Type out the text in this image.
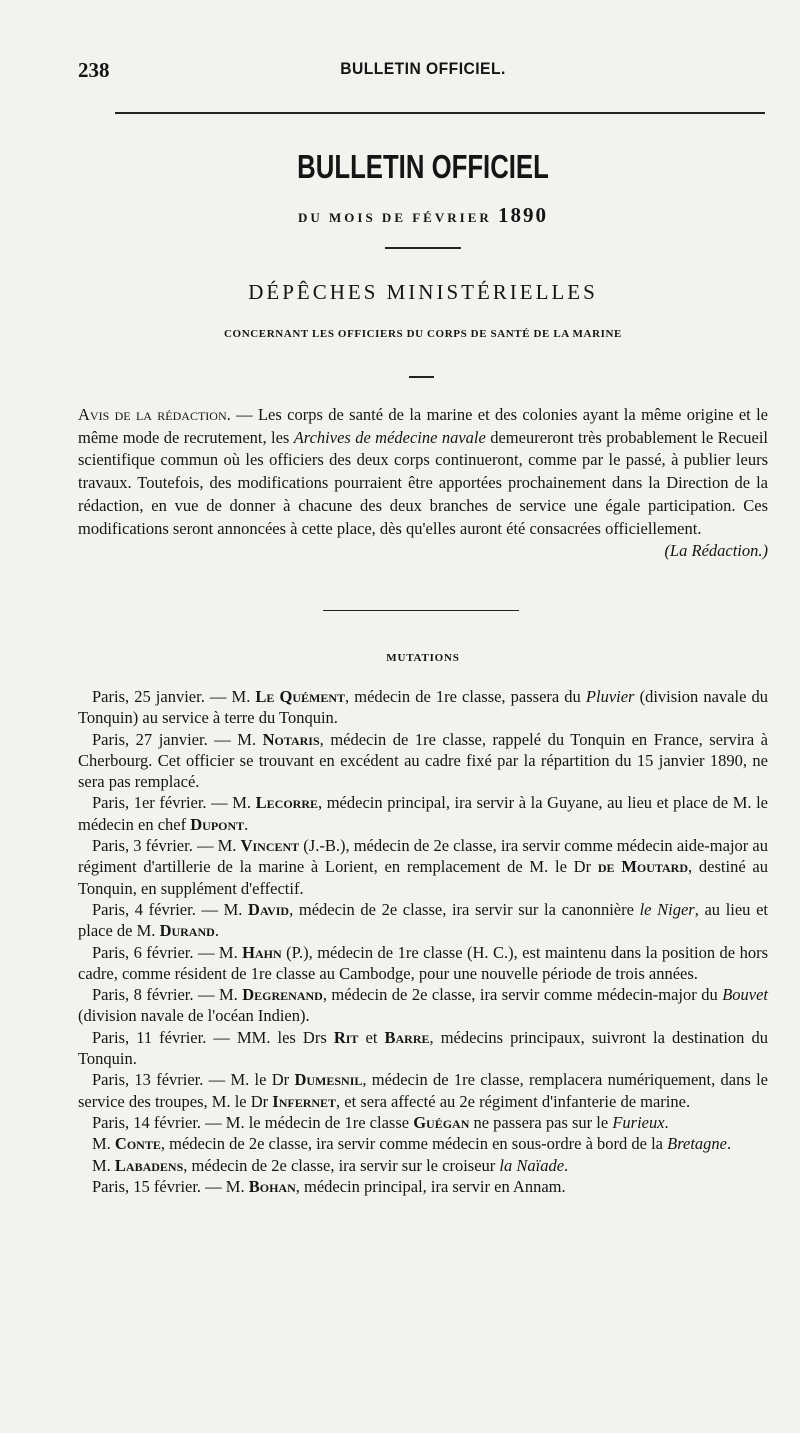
238	BULLETIN OFFICIEL.
BULLETIN OFFICIEL
DU MOIS DE FÉVRIER 1890
DÉPÊCHES MINISTÉRIELLES
CONCERNANT LES OFFICIERS DU CORPS DE SANTÉ DE LA MARINE
Avis de la rédaction. — Les corps de santé de la marine et des colonies ayant la même origine et le même mode de recrutement, les Archives de médecine navale demeureront très probablement le Recueil scientifique commun où les officiers des deux corps continueront, comme par le passé, à publier leurs travaux. Toutefois, des modifications pourraient être apportées prochainement dans la Direction de la rédaction, en vue de donner à chacune des deux branches de service une égale participation. Ces modifications seront annoncées à cette place, dès qu'elles auront été consacrées officiellement.
(La Rédaction.)
MUTATIONS

Paris, 25 janvier. — M. Le Quément, médecin de 1re classe, passera du Pluvier (division navale du Tonquin) au service à terre du Tonquin.

Paris, 27 janvier. — M. Notaris, médecin de 1re classe, rappelé du Tonquin en France, servira à Cherbourg. Cet officier se trouvant en excédent au cadre fixé par la répartition du 15 janvier 1890, ne sera pas remplacé.

Paris, 1er février. — M. Lecorre, médecin principal, ira servir à la Guyane, au lieu et place de M. le médecin en chef Dupont.

Paris, 3 février. — M. Vincent (J.-B.), médecin de 2e classe, ira servir comme médecin aide-major au régiment d'artillerie de la marine à Lorient, en remplacement de M. le Dr de Moutard, destiné au Tonquin, en supplément d'effectif.

Paris, 4 février. — M. David, médecin de 2e classe, ira servir sur la canonnière le Niger, au lieu et place de M. Durand.

Paris, 6 février. — M. Hahn (P.), médecin de 1re classe (H. C.), est maintenu dans la position de hors cadre, comme résident de 1re classe au Cambodge, pour une nouvelle période de trois années.

Paris, 8 février. — M. Degrenand, médecin de 2e classe, ira servir comme médecin-major du Bouvet (division navale de l'océan Indien).

Paris, 11 février. — MM. les Drs Rit et Barre, médecins principaux, suivront la destination du Tonquin.

Paris, 13 février. — M. le Dr Dumesnil, médecin de 1re classe, remplacera numériquement, dans le service des troupes, M. le Dr Infernet, et sera affecté au 2e régiment d'infanterie de marine.

Paris, 14 février. — M. le médecin de 1re classe Guégan ne passera pas sur le Furieux.

M. Conte, médecin de 2e classe, ira servir comme médecin en sous-ordre à bord de la Bretagne.

M. Labadens, médecin de 2e classe, ira servir sur le croiseur la Naïade.

Paris, 15 février. — M. Bohan, médecin principal, ira servir en Annam.
